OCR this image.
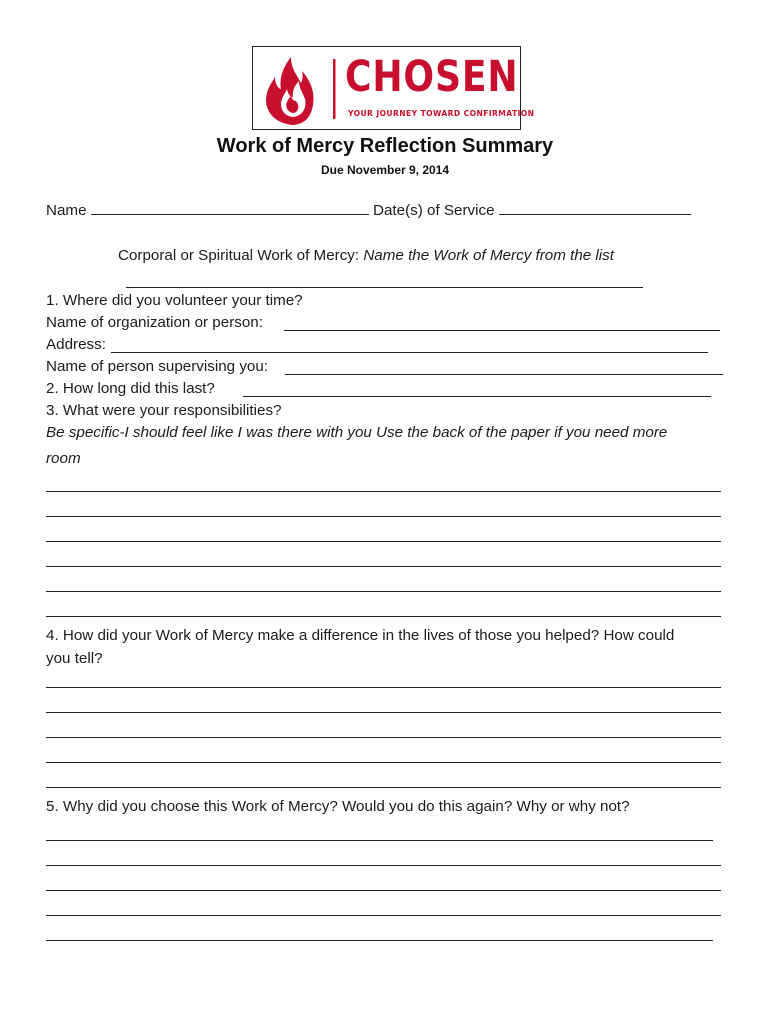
CHOSEN
YOUR JOURNEY TOWARD CONFIRMATION
Work of Mercy Reflection Summary
Due November 9, 2014
Name	Date(s) of Service
Corporal or Spiritual Work of Mercy: Name the Work of Mercy from the list
1. Where did you volunteer your time?
Name of organization or person:
Address:
Name of person supervising you:
2. How long did this last?
3. What were your responsibilities?
Be specific-I should feel like I was there with you Use the back of the paper if you need more
room
4. How did your Work of Mercy make a difference in the lives of those you helped? How could
you tell?
5. Why did you choose this Work of Mercy? Would you do this again? Why or why not?
